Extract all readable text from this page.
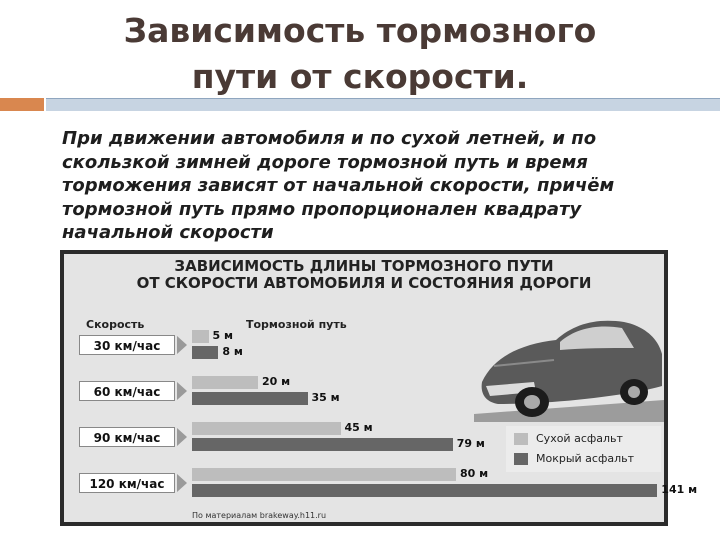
Зависимость тормозного
пути от скорости.
При движении автомобиля и по сухой летней, и по скользкой зимней дороге тормозной путь и время торможения зависят от начальной скорости, причём тормозной путь прямо пропорционален квадрату начальной скорости
ЗАВИСИМОСТЬ ДЛИНЫ ТОРМОЗНОГО ПУТИ
ОТ СКОРОСТИ АВТОМОБИЛЯ И СОСТОЯНИЯ ДОРОГИ
Скорость	Тормозной путь
30 км/час
5 м
8 м
60 км/час
20 м
35 м
90 км/час
45 м
79 м
120 км/час
80 м
141 м
Сухой асфальт
Мокрый асфальт
По материалам brakeway.h11.ru
